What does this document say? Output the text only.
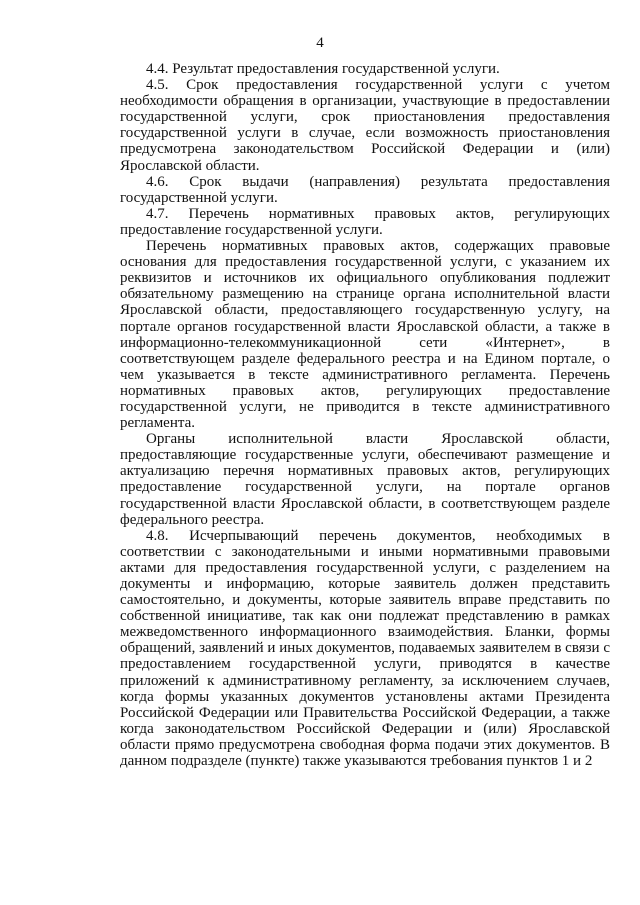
4

4.4. Результат предоставления государственной услуги.

4.5. Срок предоставления государственной услуги с учетом необходимости обращения в организации, участвующие в предоставлении государственной услуги, срок приостановления предоставления государственной услуги в случае, если возможность приостановления предусмотрена законодательством Российской Федерации и (или) Ярославской области.

4.6. Срок выдачи (направления) результата предоставления государственной услуги.

4.7. Перечень нормативных правовых актов, регулирующих предоставление государственной услуги.

Перечень нормативных правовых актов, содержащих правовые основания для предоставления государственной услуги, с указанием их реквизитов и источников их официального опубликования подлежит обязательному размещению на странице органа исполнительной власти Ярославской области, предоставляющего государственную услугу, на портале органов государственной власти Ярославской области, а также в информационно-телекоммуникационной сети «Интернет», в соответствующем разделе федерального реестра и на Едином портале, о чем указывается в тексте административного регламента. Перечень нормативных правовых актов, регулирующих предоставление государственной услуги, не приводится в тексте административного регламента.

Органы исполнительной власти Ярославской области, предоставляющие государственные услуги, обеспечивают размещение и актуализацию перечня нормативных правовых актов, регулирующих предоставление государственной услуги, на портале органов государственной власти Ярославской области, в соответствующем разделе федерального реестра.

4.8. Исчерпывающий перечень документов, необходимых в соответствии с законодательными и иными нормативными правовыми актами для предоставления государственной услуги, с разделением на документы и информацию, которые заявитель должен представить самостоятельно, и документы, которые заявитель вправе представить по собственной инициативе, так как они подлежат представлению в рамках межведомственного информационного взаимодействия. Бланки, формы обращений, заявлений и иных документов, подаваемых заявителем в связи с предоставлением государственной услуги, приводятся в качестве приложений к административному регламенту, за исключением случаев, когда формы указанных документов установлены актами Президента Российской Федерации или Правительства Российской Федерации, а также когда законодательством Российской Федерации и (или) Ярославской области прямо предусмотрена свободная форма подачи этих документов. В данном подразделе (пункте) также указываются требования пунктов 1 и 2
